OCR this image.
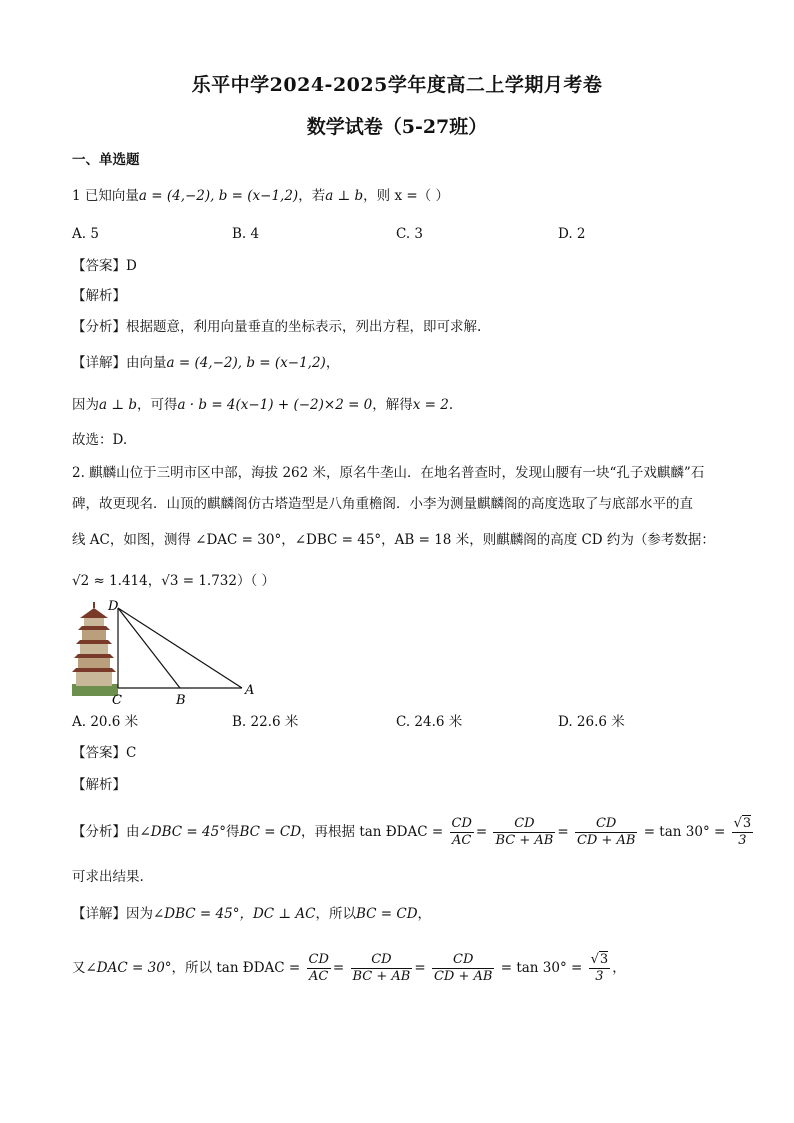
乐平中学2024-2025学年度高二上学期月考卷
数学试卷（5-27班）
一、单选题
1 已知向量a = (4,−2), b = (x−1,2)，若a ⊥ b，则 x =（ ）
A. 5	B. 4	C. 3	D. 2
【答案】D
【解析】
【分析】根据题意，利用向量垂直的坐标表示，列出方程，即可求解.
【详解】由向量a = (4,−2), b = (x−1,2)，
因为a ⊥ b，可得a · b = 4(x−1) + (−2)×2 = 0，解得x = 2.
故选：D.
2. 麒麟山位于三明市区中部，海拔 262 米，原名牛垄山．在地名普查时，发现山腰有一块“孔子戏麒麟”石
碑，故更现名．山顶的麒麟阁仿古塔造型是八角重檐阁．小李为测量麒麟阁的高度选取了与底部水平的直
线 AC，如图，测得 ∠DAC = 30°，∠DBC = 45°，AB = 18 米，则麒麟阁的高度 CD 约为（参考数据：
√2 ≈ 1.414，√3 = 1.732）（ ）
D
C	B
A
A. 20.6 米	B. 22.6 米	C. 24.6 米	D. 26.6 米
【答案】C
【解析】
【分析】由∠DBC = 45°得BC = CD，再根据 tan ĐDAC = $\frac{CD}{AC} = \frac{CD}{BC + AB} = \frac{CD}{CD + AB} = \tan 30^\circ = \frac{√3}{3}$
可求出结果.
【详解】因为∠DBC = 45°，DC ⊥ AC，所以BC = CD，
又∠DAC = 30°，所以 tan ĐDAC = $\frac{CD}{AC} = \frac{CD}{BC + AB} = \frac{CD}{CD + AB} = \tan 30^\circ = \frac{√3}{3}$ ，
